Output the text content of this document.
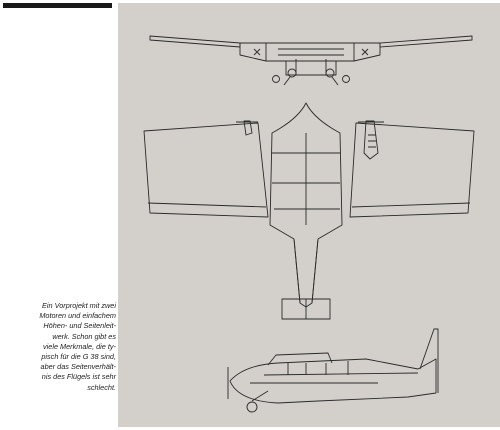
Ein Vorprojekt mit zwei
Motoren und einfachem
Höhen- und Seitenleit-
werk. Schon gibt es
viele Merkmale, die ty-
pisch für die G 38 sind,
aber das Seitenverhält-
nis des Flügels ist sehr
schlecht.
